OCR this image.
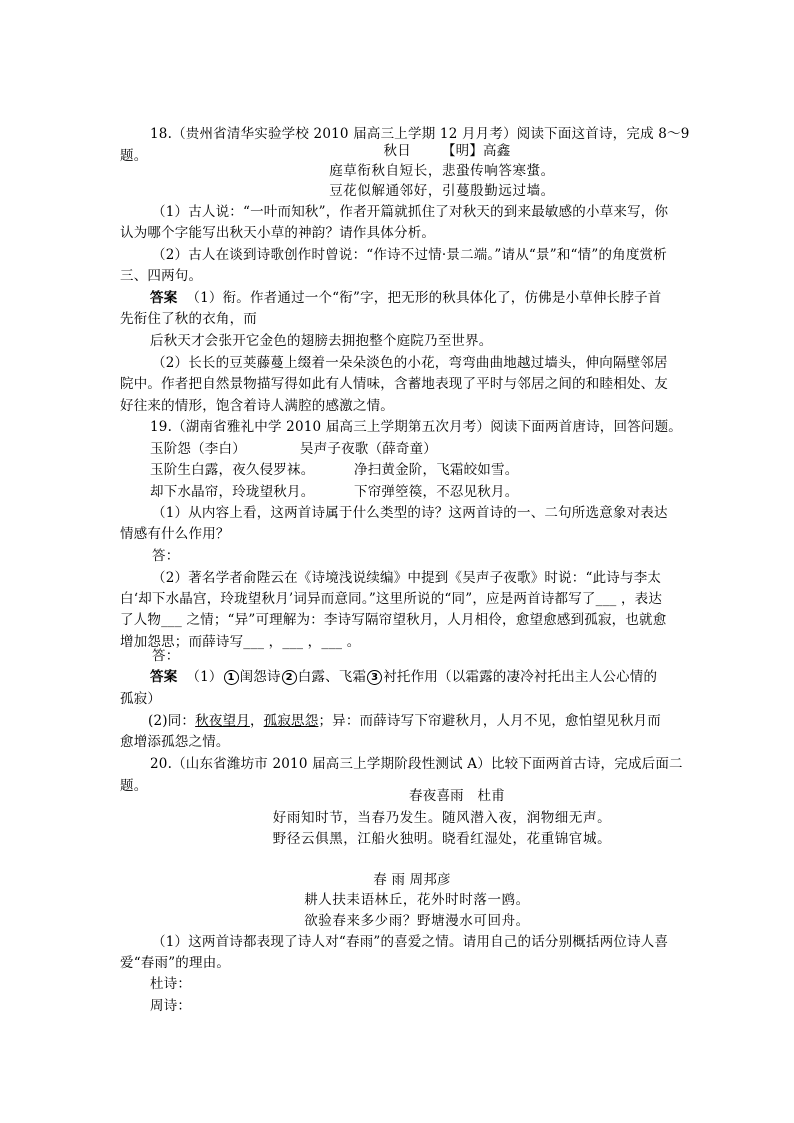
18.（贵州省清华实验学校 2010 届高三上学期 12 月月考）阅读下面这首诗，完成 8～9
题。	秋日 【明】高鑫
庭草衔秋自短长，悲蛩传响答寒螀。
豆花似解通邻好，引蔓殷勤远过墙。
（1）古人说：“一叶而知秋”，作者开篇就抓住了对秋天的到来最敏感的小草来写，你
认为哪个字能写出秋天小草的神韵？请作具体分析。
（2）古人在谈到诗歌创作时曾说：“作诗不过情·景二端。”请从“景”和“情”的角度赏析
三、四两句。
答案 （1）衔。作者通过一个“衔”字，把无形的秋具体化了，仿佛是小草伸长脖子首
先衔住了秋的衣角，而
后秋天才会张开它金色的翅膀去拥抱整个庭院乃至世界。
（2）长长的豆荚藤蔓上缀着一朵朵淡色的小花，弯弯曲曲地越过墙头，伸向隔壁邻居
院中。作者把自然景物描写得如此有人情味，含蓄地表现了平时与邻居之间的和睦相处、友
好往来的情形，饱含着诗人满腔的感激之情。
19.（湖南省雅礼中学 2010 届高三上学期第五次月考）阅读下面两首唐诗，回答问题。
玉阶怨（李白）	吴声子夜歌（薛奇童）
玉阶生白露，夜久侵罗袜。	净扫黄金阶，飞霜皎如雪。
却下水晶帘，玲珑望秋月。	下帘弹箜篌，不忍见秋月。
（1）从内容上看，这两首诗属于什么类型的诗？这两首诗的一、二句所选意象对表达
情感有什么作用？
答：
（2）著名学者俞陛云在《诗境浅说续编》中提到《吴声子夜歌》时说：“此诗与李太
白‘却下水晶宫，玲珑望秋月’词异而意同。”这里所说的“同”，应是两首诗都写了___ ，表达
了人物___ 之情；“异”可理解为：李诗写隔帘望秋月，人月相伶，愈望愈感到孤寂，也就愈
增加怨思；而薛诗写___ ，___ ，___ 。
答：
答案 （1） 1 闺怨诗 2 白露、飞霜 3 衬托作用（以霜露的凄冷衬托出主人公心情的
孤寂）
(2)同：秋夜望月，孤寂思怨；异：而薛诗写下帘避秋月，人月不见，愈怕望见秋月而
愈增添孤怨之情。
20.（山东省潍坊市 2010 届高三上学期阶段性测试 A）比较下面两首古诗，完成后面二
题。
春夜喜雨　杜甫
好雨知时节，当春乃发生。随风潜入夜，润物细无声。
野径云俱黑，江船火独明。晓看红湿处，花重锦官城。
春 雨 周邦彦
耕人扶耒语林丘，花外时时落一鸥。
欲验春来多少雨？野塘漫水可回舟。
（1）这两首诗都表现了诗人对“春雨”的喜爱之情。请用自己的话分别概括两位诗人喜
爱“春雨”的理由。
杜诗：
周诗：
